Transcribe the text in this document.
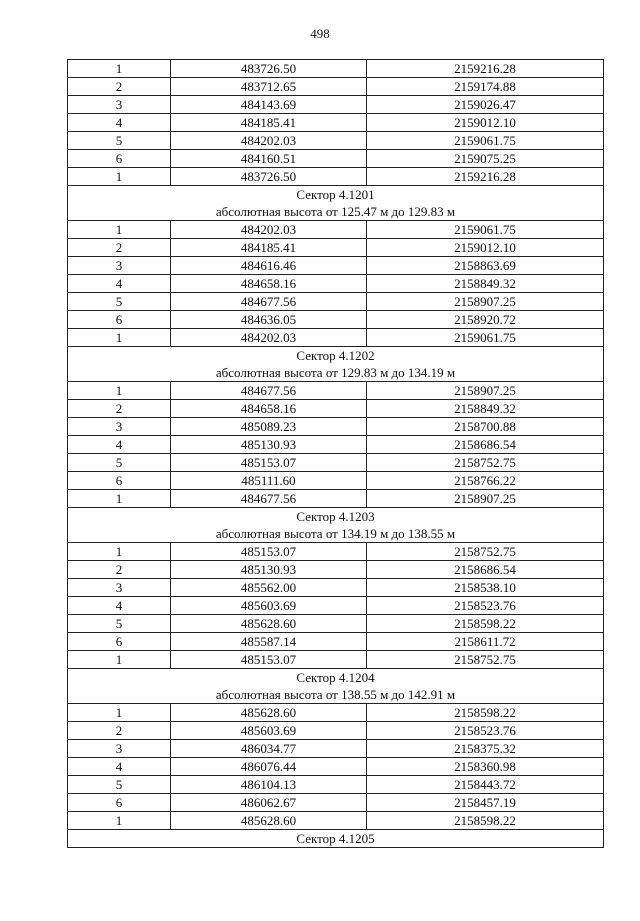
498
1	483726.50	2159216.28
2	483712.65	2159174.88
3	484143.69	2159026.47
4	484185.41	2159012.10
5	484202.03	2159061.75
6	484160.51	2159075.25
1	483726.50	2159216.28
Сектор 4.1201		
абсолютная высота от 125.47 м до 129.83 м		
1	484202.03	2159061.75
2	484185.41	2159012.10
3	484616.46	2158863.69
4	484658.16	2158849.32
5	484677.56	2158907.25
6	484636.05	2158920.72
1	484202.03	2159061.75
Сектор 4.1202		
абсолютная высота от 129.83 м до 134.19 м		
1	484677.56	2158907.25
2	484658.16	2158849.32
3	485089.23	2158700.88
4	485130.93	2158686.54
5	485153.07	2158752.75
6	485111.60	2158766.22
1	484677.56	2158907.25
Сектор 4.1203		
абсолютная высота от 134.19 м до 138.55 м		
1	485153.07	2158752.75
2	485130.93	2158686.54
3	485562.00	2158538.10
4	485603.69	2158523.76
5	485628.60	2158598.22
6	485587.14	2158611.72
1	485153.07	2158752.75
Сектор 4.1204		
абсолютная высота от 138.55 м до 142.91 м		
1	485628.60	2158598.22
2	485603.69	2158523.76
3	486034.77	2158375.32
4	486076.44	2158360.98
5	486104.13	2158443.72
6	486062.67	2158457.19
1	485628.60	2158598.22
Сектор 4.1205		
